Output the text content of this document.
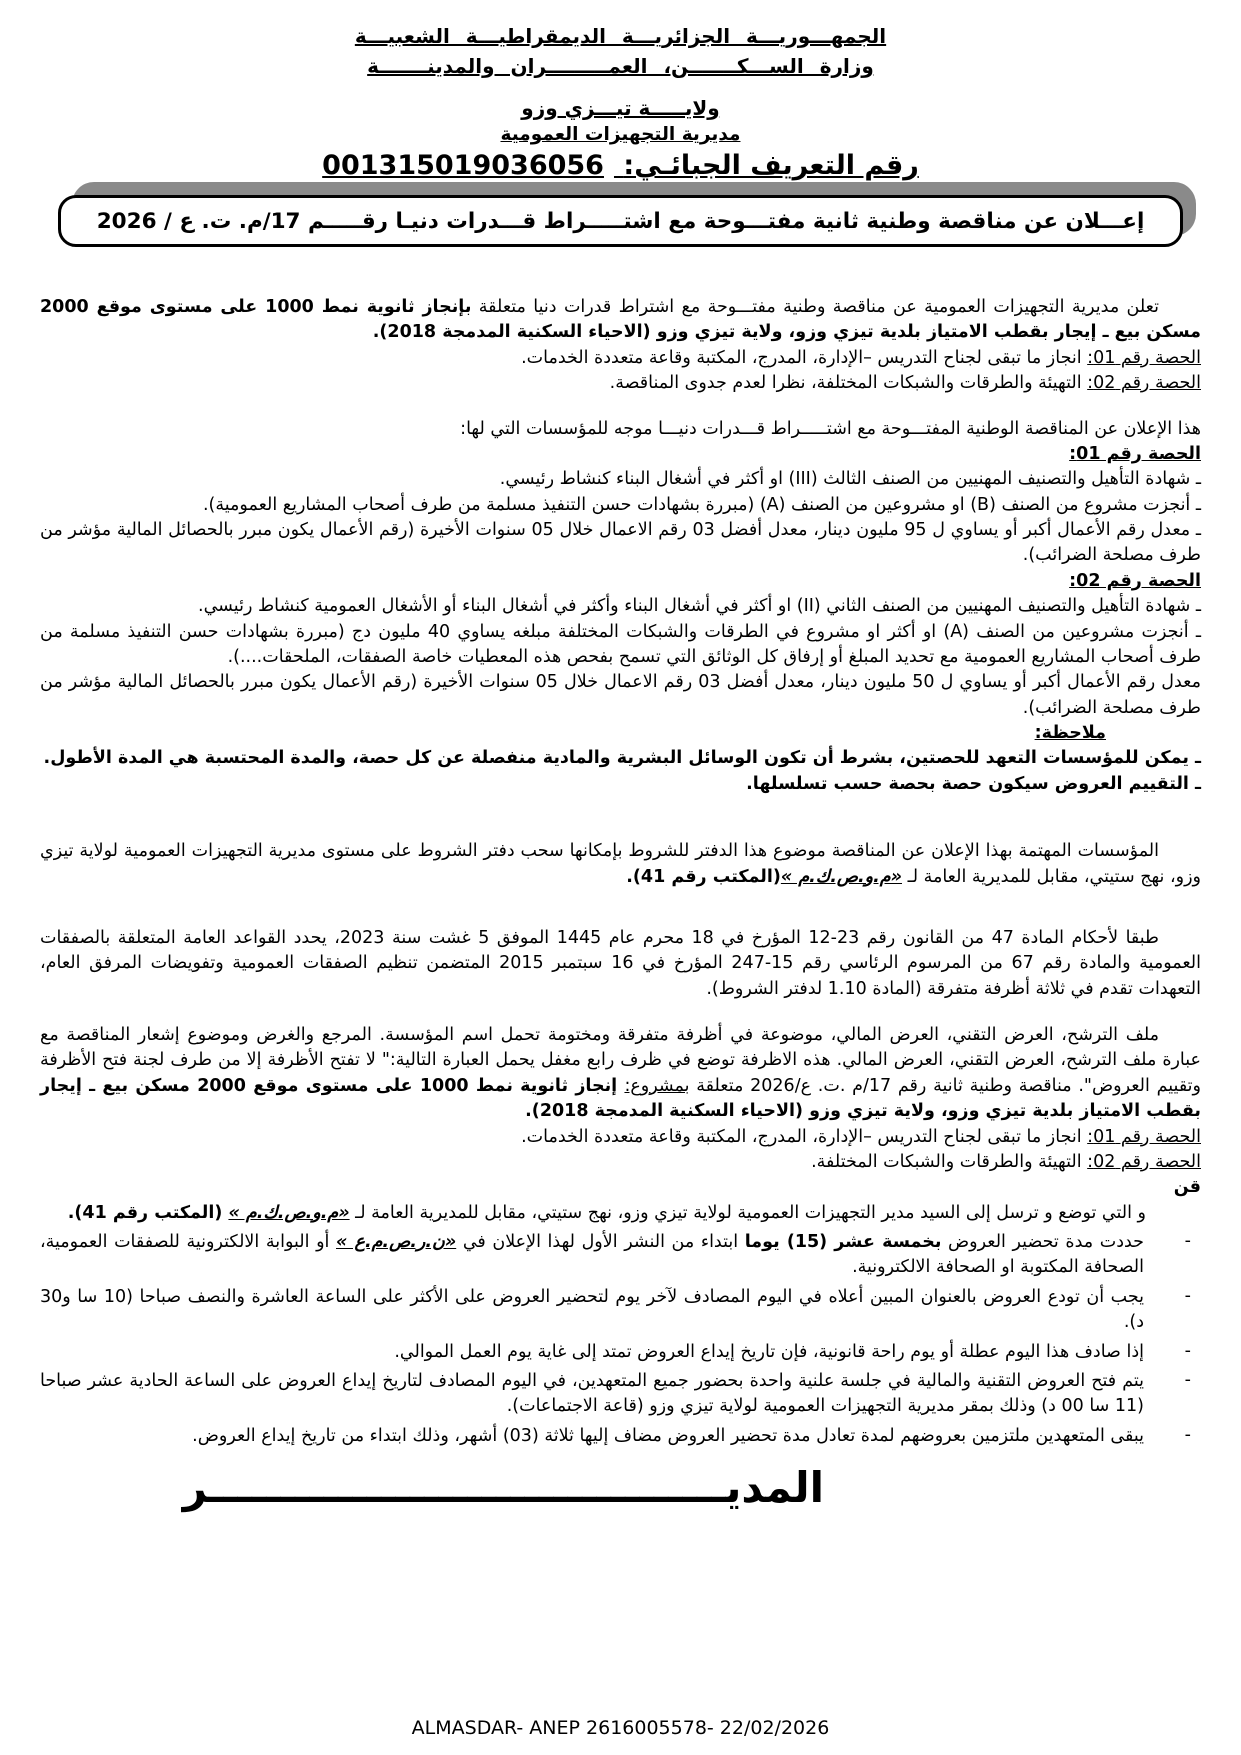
الجمهـــوريـــة الجزائريـــة الديمقراطيـــة الشعبيـــة
وزارة الســـكـــــــن، العمـــــــــران والمدينـــــــة
ولايـــــة تيـــزي وزو
مديرية التجهيزات العمومية
رقم التعريف الجبائـي: 001315019036056
إعـــلان عن مناقصة وطنية ثانية مفتـــوحة مع اشتـــــراط قـــدرات دنيـا رقـــــم 17/م. ت. ع / 2026

تعلن مديرية التجهيزات العمومية عن مناقصة وطنية مفتـــوحة مع اشتراط قدرات دنيا متعلقة بإنجاز ثانوية نمط 1000 على مستوى موقع 2000 مسكن بيع ـ إيجار بقطب الامتياز بلدية تيزي وزو، ولاية تيزي وزو (الاحياء السكنية المدمجة 2018).

الحصة رقم 01: انجاز ما تبقى لجناح التدريس –الإدارة، المدرج، المكتبة وقاعة متعددة الخدمات.

الحصة رقم 02: التهيئة والطرقات والشبكات المختلفة، نظرا لعدم جدوى المناقصة.

هذا الإعلان عن المناقصة الوطنية المفتـــوحة مع اشتـــــراط قـــدرات دنيـــا موجه للمؤسسات التي لها:

الحصة رقم 01:

ـ شهادة التأهيل والتصنيف المهنيين من الصنف الثالث (III) او أكثر في أشغال البناء كنشاط رئيسي.

ـ أنجزت مشروع من الصنف (B) او مشروعين من الصنف (A) (مبررة بشهادات حسن التنفيذ مسلمة من طرف أصحاب المشاريع العمومية).

ـ معدل رقم الأعمال أكبر أو يساوي ل 95 مليون دينار، معدل أفضل 03 رقم الاعمال خلال 05 سنوات الأخيرة (رقم الأعمال يكون مبرر بالحصائل المالية مؤشر من طرف مصلحة الضرائب).

الحصة رقم 02:

ـ شهادة التأهيل والتصنيف المهنيين من الصنف الثاني (II) او أكثر في أشغال البناء وأكثر في أشغال البناء أو الأشغال العمومية كنشاط رئيسي.

ـ أنجزت مشروعين من الصنف (A) او أكثر او مشروع في الطرقات والشبكات المختلفة مبلغه يساوي 40 مليون دج (مبررة بشهادات حسن التنفيذ مسلمة من طرف أصحاب المشاريع العمومية مع تحديد المبلغ أو إرفاق كل الوثائق التي تسمح بفحص هذه المعطيات خاصة الصفقات، الملحقات....).

معدل رقم الأعمال أكبر أو يساوي ل 50 مليون دينار، معدل أفضل 03 رقم الاعمال خلال 05 سنوات الأخيرة (رقم الأعمال يكون مبرر بالحصائل المالية مؤشر من طرف مصلحة الضرائب).

ملاحظة:

ـ يمكن للمؤسسات التعهد للحصتين، بشرط أن تكون الوسائل البشرية والمادية منفصلة عن كل حصة، والمدة المحتسبة هي المدة الأطول.

ـ التقييم العروض سيكون حصة بحصة حسب تسلسلها.

المؤسسات المهتمة بهذا الإعلان عن المناقصة موضوع هذا الدفتر للشروط بإمكانها سحب دفتر الشروط على مستوى مديرية التجهيزات العمومية لولاية تيزي وزو، نهج ستيتي، مقابل للمديرية العامة لـ «م.و.ص.ك.م »(المكتب رقم 41).

طبقا لأحكام المادة 47 من القانون رقم 23-12 المؤرخ في 18 محرم عام 1445 الموفق 5 غشت سنة 2023، يحدد القواعد العامة المتعلقة بالصفقات العمومية والمادة رقم 67 من المرسوم الرئاسي رقم 15-247 المؤرخ في 16 سبتمبر 2015 المتضمن تنظيم الصفقات العمومية وتفويضات المرفق العام، التعهدات تقدم في ثلاثة أظرفة متفرقة (المادة 1.10 لدفتر الشروط).

ملف الترشح، العرض التقني، العرض المالي، موضوعة في أظرفة متفرقة ومختومة تحمل اسم المؤسسة. المرجع والغرض وموضوع إشعار المناقصة مع عبارة ملف الترشح، العرض التقني، العرض المالي. هذه الاظرفة توضع في ظرف رابع مغفل يحمل العبارة التالية:" لا تفتح الأظرفة إلا من طرف لجنة فتح الأظرفة وتقييم العروض". مناقصة وطنية ثانية رقم 17/م .ت. ع/2026 متعلقة بمشروع: إنجاز ثانوية نمط 1000 على مستوى موقع 2000 مسكن بيع ـ إيجار بقطب الامتياز بلدية تيزي وزو، ولاية تيزي وزو (الاحياء السكنية المدمجة 2018).

الحصة رقم 01: انجاز ما تبقى لجناح التدريس –الإدارة، المدرج، المكتبة وقاعة متعددة الخدمات.

الحصة رقم 02: التهيئة والطرقات والشبكات المختلفة.

قن

و التي توضع و ترسل إلى السيد مدير التجهيزات العمومية لولاية تيزي وزو، نهج ستيتي، مقابل للمديرية العامة لـ «م.و.ص.ك.م » (المكتب رقم 41).

-
حددت مدة تحضير العروض بخمسة عشر (15) يوما ابتداء من النشر الأول لهذا الإعلان في «ن.ر.ص.م.ع » أو البوابة الالكترونية للصفقات العمومية، الصحافة المكتوبة او الصحافة الالكترونية.
-
يجب أن تودع العروض بالعنوان المبين أعلاه في اليوم المصادف لآخر يوم لتحضير العروض على الأكثر على الساعة العاشرة والنصف صباحا (10 سا و30 د).
-
إذا صادف هذا اليوم عطلة أو يوم راحة قانونية، فإن تاريخ إيداع العروض تمتد إلى غاية يوم العمل الموالي.
-
يتم فتح العروض التقنية والمالية في جلسة علنية واحدة بحضور جميع المتعهدين، في اليوم المصادف لتاريخ إيداع العروض على الساعة الحادية عشر صباحا (11 سا 00 د) وذلك بمقر مديرية التجهيزات العمومية لولاية تيزي وزو (قاعة الاجتماعات).
-
يبقى المتعهدين ملتزمين بعروضهم لمدة تعادل مدة تحضير العروض مضاف إليها ثلاثة (03) أشهر، وذلك ابتداء من تاريخ إيداع العروض.
المديــــــــــــــــــــــــــــــــــــر
ALMASDAR- ANEP 2616005578- 22/02/2026
